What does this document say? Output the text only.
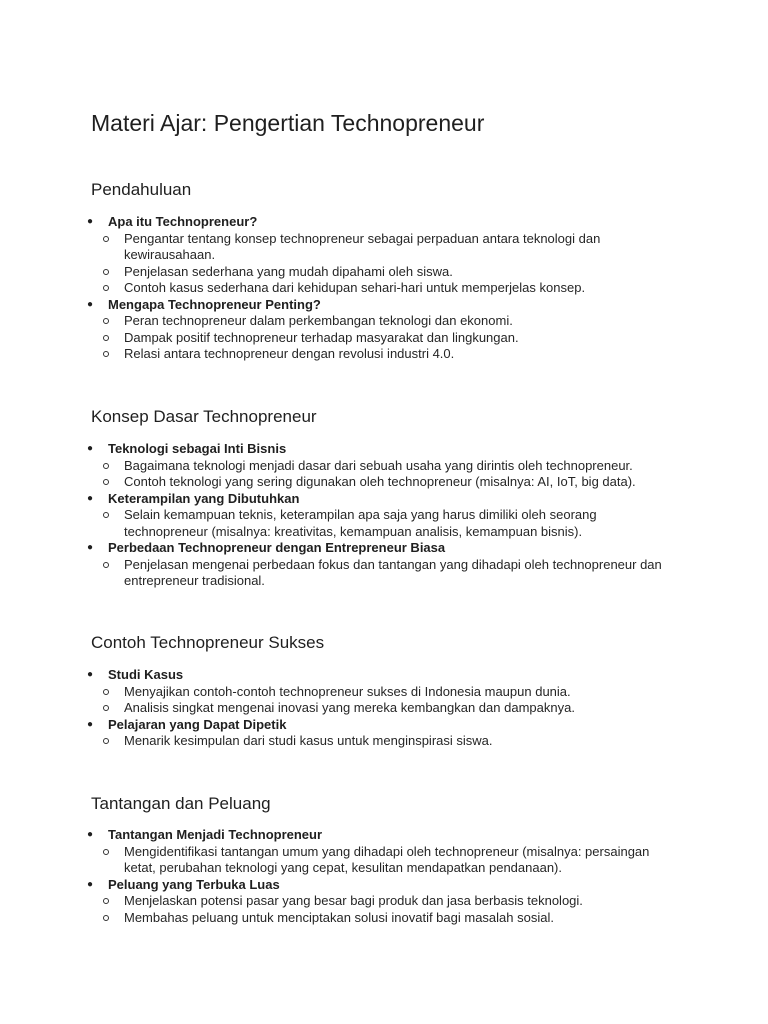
Materi Ajar: Pengertian Technopreneur
Pendahuluan
● Apa itu Technopreneur?
Pengantar tentang konsep technopreneur sebagai perpaduan antara teknologi dan kewirausahaan.
Penjelasan sederhana yang mudah dipahami oleh siswa.
Contoh kasus sederhana dari kehidupan sehari-hari untuk memperjelas konsep.
● Mengapa Technopreneur Penting?
Peran technopreneur dalam perkembangan teknologi dan ekonomi.
Dampak positif technopreneur terhadap masyarakat dan lingkungan.
Relasi antara technopreneur dengan revolusi industri 4.0.
Konsep Dasar Technopreneur
● Teknologi sebagai Inti Bisnis
Bagaimana teknologi menjadi dasar dari sebuah usaha yang dirintis oleh technopreneur.
Contoh teknologi yang sering digunakan oleh technopreneur (misalnya: AI, IoT, big data).
● Keterampilan yang Dibutuhkan
Selain kemampuan teknis, keterampilan apa saja yang harus dimiliki oleh seorang technopreneur (misalnya: kreativitas, kemampuan analisis, kemampuan bisnis).
● Perbedaan Technopreneur dengan Entrepreneur Biasa
Penjelasan mengenai perbedaan fokus dan tantangan yang dihadapi oleh technopreneur dan entrepreneur tradisional.
Contoh Technopreneur Sukses
● Studi Kasus
Menyajikan contoh-contoh technopreneur sukses di Indonesia maupun dunia.
Analisis singkat mengenai inovasi yang mereka kembangkan dan dampaknya.
● Pelajaran yang Dapat Dipetik
Menarik kesimpulan dari studi kasus untuk menginspirasi siswa.
Tantangan dan Peluang
● Tantangan Menjadi Technopreneur
Mengidentifikasi tantangan umum yang dihadapi oleh technopreneur (misalnya: persaingan ketat, perubahan teknologi yang cepat, kesulitan mendapatkan pendanaan).
● Peluang yang Terbuka Luas
Menjelaskan potensi pasar yang besar bagi produk dan jasa berbasis teknologi.
Membahas peluang untuk menciptakan solusi inovatif bagi masalah sosial.
